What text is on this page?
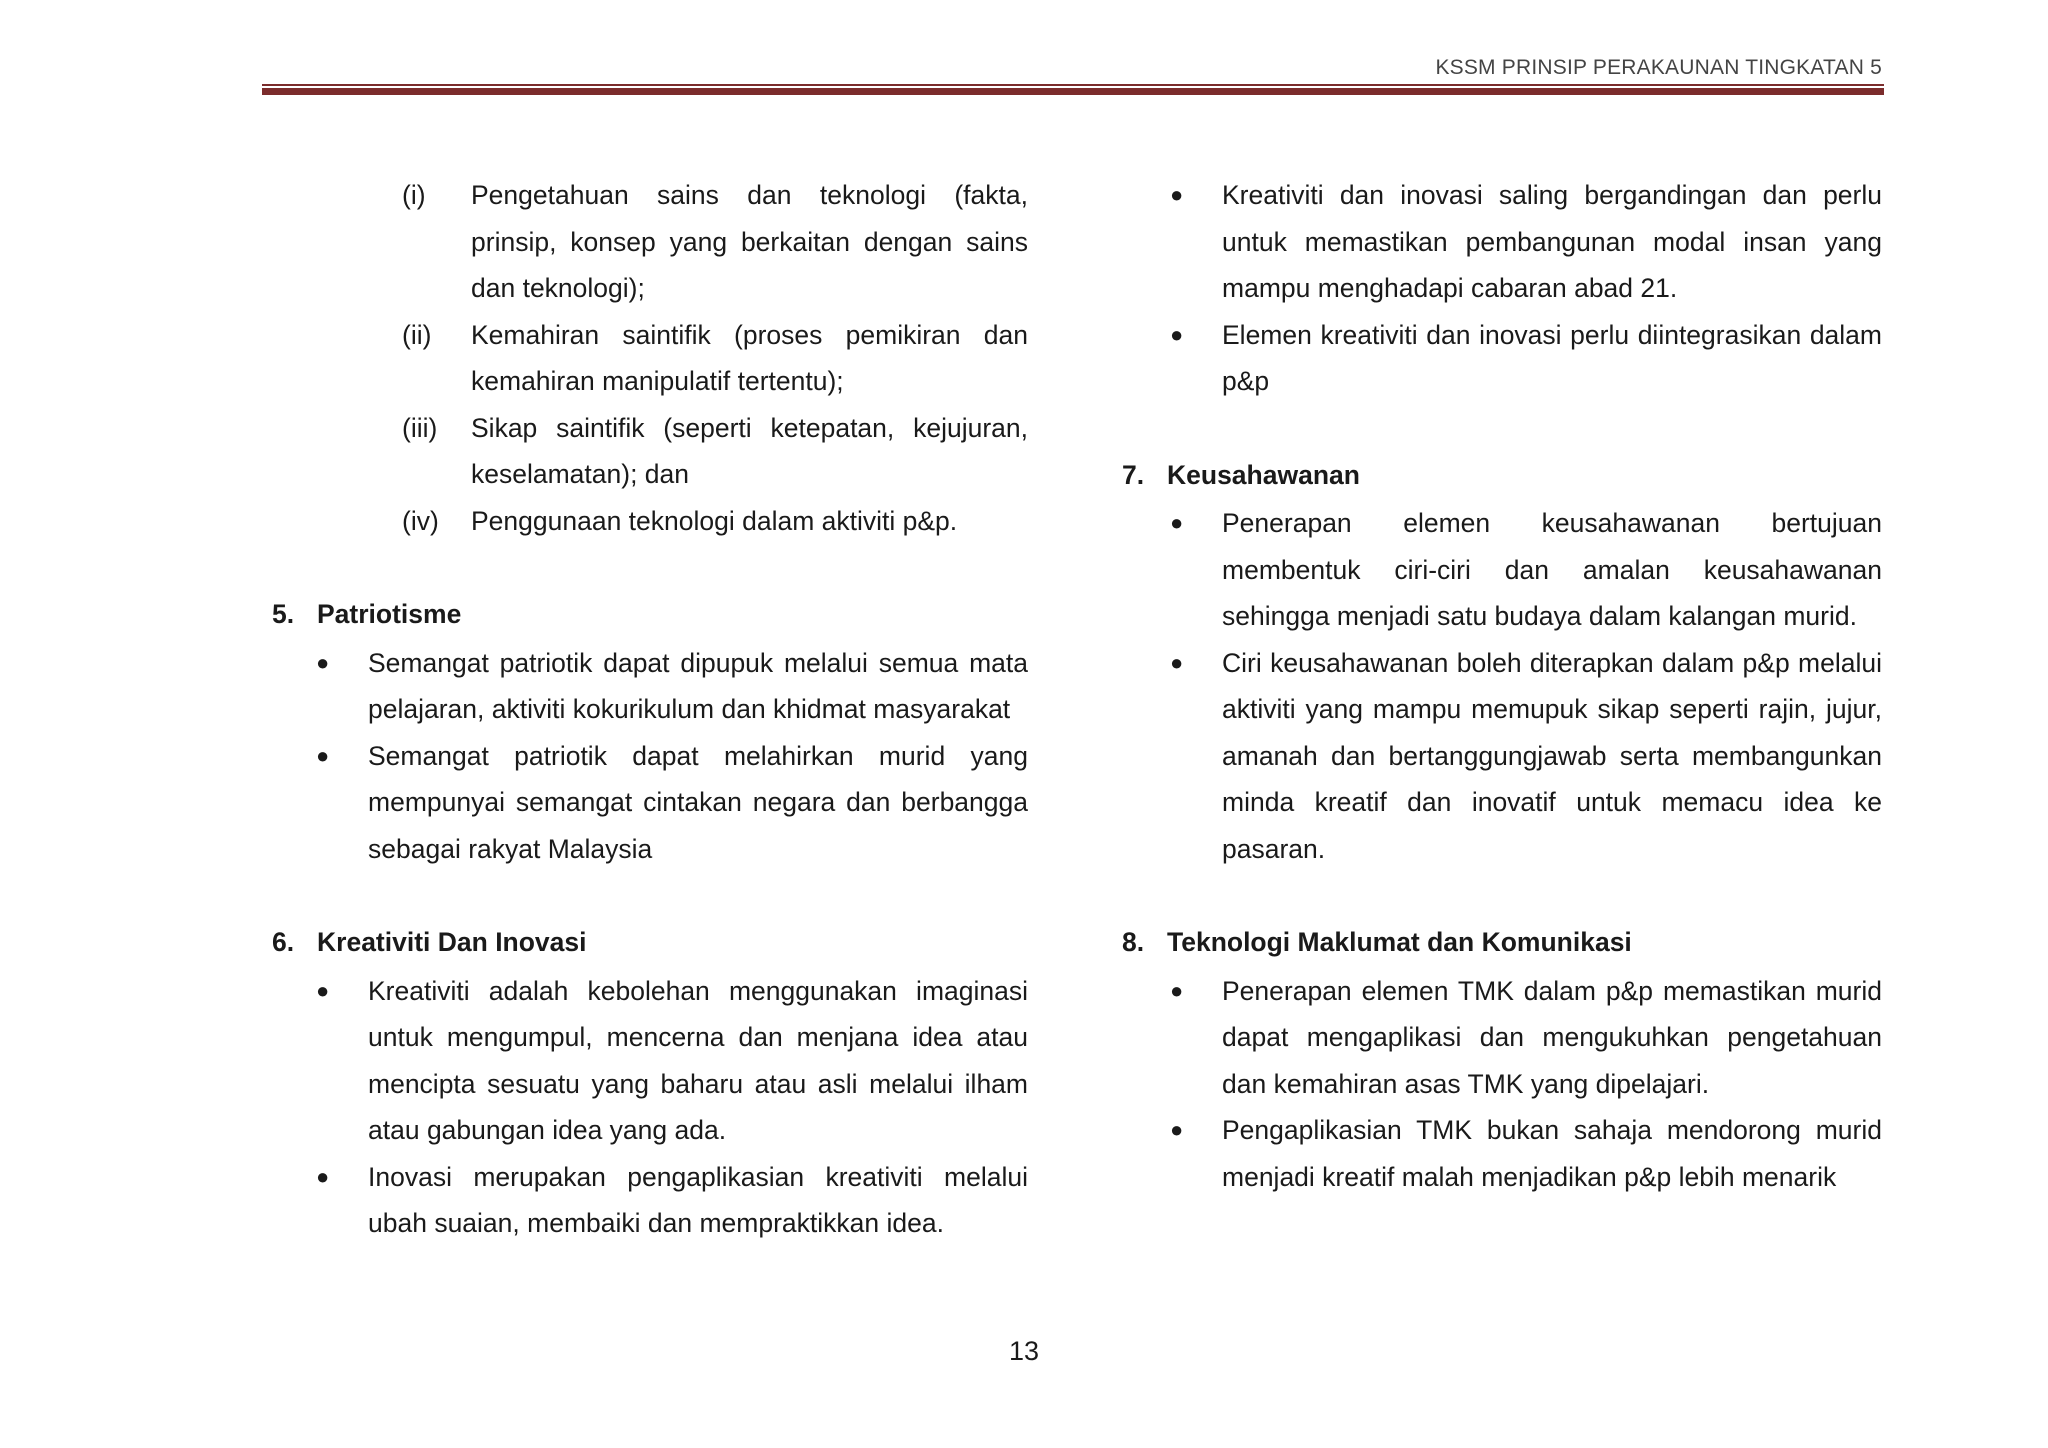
KSSM PRINSIP PERAKAUNAN TINGKATAN 5
(i) Pengetahuan sains dan teknologi (fakta, prinsip, konsep yang berkaitan dengan sains dan teknologi);
(ii) Kemahiran saintifik (proses pemikiran dan kemahiran manipulatif tertentu);
(iii) Sikap saintifik (seperti ketepatan, kejujuran, keselamatan); dan
(iv) Penggunaan teknologi dalam aktiviti p&p.
5. Patriotisme
● Semangat patriotik dapat dipupuk melalui semua mata pelajaran, aktiviti kokurikulum dan khidmat masyarakat
● Semangat patriotik dapat melahirkan murid yang mempunyai semangat cintakan negara dan berbangga sebagai rakyat Malaysia
6. Kreativiti Dan Inovasi
● Kreativiti adalah kebolehan menggunakan imaginasi untuk mengumpul, mencerna dan menjana idea atau mencipta sesuatu yang baharu atau asli melalui ilham atau gabungan idea yang ada.
● Inovasi merupakan pengaplikasian kreativiti melalui ubah suaian, membaiki dan mempraktikkan idea.
● Kreativiti dan inovasi saling bergandingan dan perlu untuk memastikan pembangunan modal insan yang mampu menghadapi cabaran abad 21.
● Elemen kreativiti dan inovasi perlu diintegrasikan dalam p&p
7. Keusahawanan
● Penerapan elemen keusahawanan bertujuan membentuk ciri-ciri dan amalan keusahawanan sehingga menjadi satu budaya dalam kalangan murid.
● Ciri keusahawanan boleh diterapkan dalam p&p melalui aktiviti yang mampu memupuk sikap seperti rajin, jujur, amanah dan bertanggungjawab serta membangunkan minda kreatif dan inovatif untuk memacu idea ke pasaran.
8. Teknologi Maklumat dan Komunikasi
● Penerapan elemen TMK dalam p&p memastikan murid dapat mengaplikasi dan mengukuhkan pengetahuan dan kemahiran asas TMK yang dipelajari.
● Pengaplikasian TMK bukan sahaja mendorong murid menjadi kreatif malah menjadikan p&p lebih menarik
13
